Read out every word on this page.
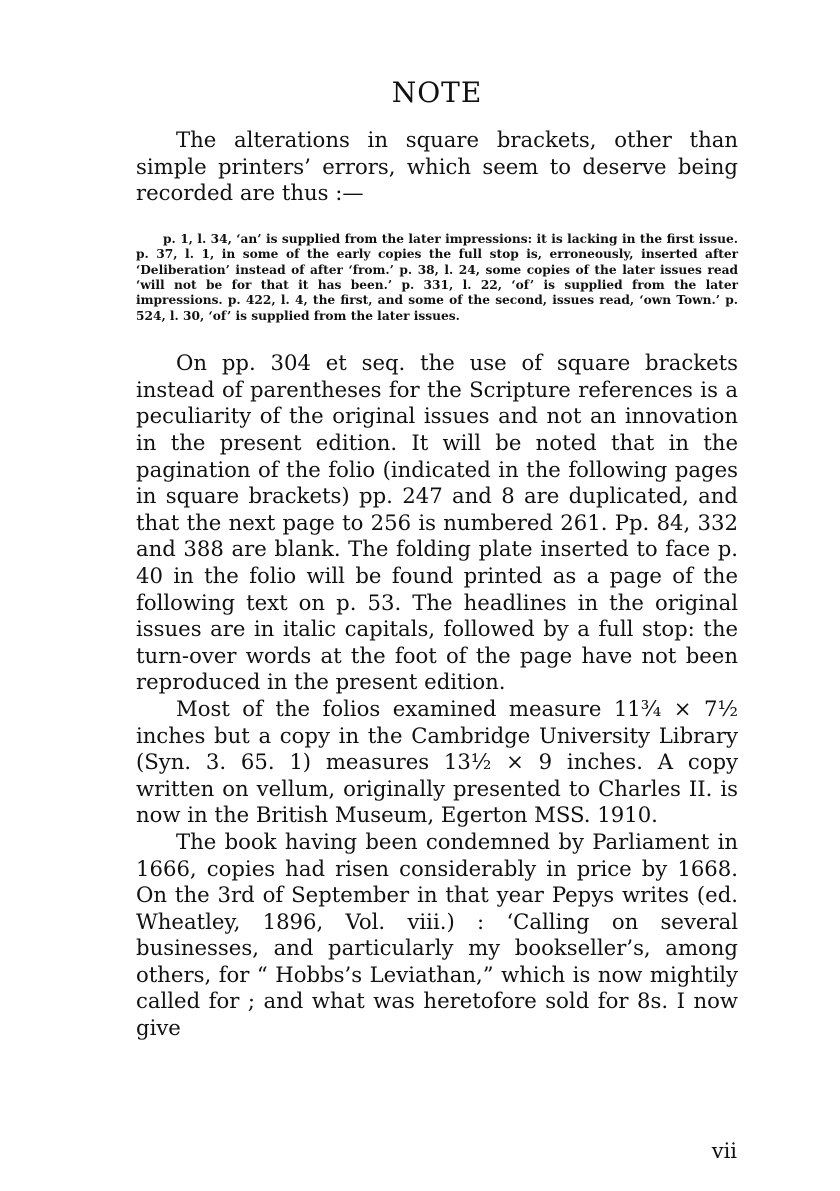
NOTE

The alterations in square brackets, other than simple printers’ errors, which seem to deserve being recorded are thus :—

p. 1, l. 34, ‘an’ is supplied from the later impressions: it is lacking in the first issue. p. 37, l. 1, in some of the early copies the full stop is, erroneously, inserted after ‘Deliberation’ instead of after ‘from.’ p. 38, l. 24, some copies of the later issues read ‘will not be for that it has been.’ p. 331, l. 22, ‘of’ is supplied from the later impressions. p. 422, l. 4, the first, and some of the second, issues read, ‘own Town.’ p. 524, l. 30, ‘of’ is supplied from the later issues.

On pp. 304 et seq. the use of square brackets instead of parentheses for the Scripture references is a peculiarity of the original issues and not an innovation in the present edition. It will be noted that in the pagination of the folio (indicated in the following pages in square brackets) pp. 247 and 8 are duplicated, and that the next page to 256 is numbered 261. Pp. 84, 332 and 388 are blank. The folding plate inserted to face p. 40 in the folio will be found printed as a page of the following text on p. 53. The headlines in the original issues are in italic capitals, followed by a full stop: the turn-over words at the foot of the page have not been reproduced in the present edition.

Most of the folios examined measure 11¾ × 7½ inches but a copy in the Cambridge University Library (Syn. 3. 65. 1) measures 13½ × 9 inches. A copy written on vellum, originally presented to Charles II. is now in the British Museum, Egerton MSS. 1910.

The book having been condemned by Parliament in 1666, copies had risen considerably in price by 1668. On the 3rd of September in that year Pepys writes (ed. Wheatley, 1896, Vol. viii.) : ‘Calling on several businesses, and particularly my bookseller’s, among others, for “ Hobbs’s Leviathan,” which is now mightily called for ; and what was heretofore sold for 8s. I now give

vii
